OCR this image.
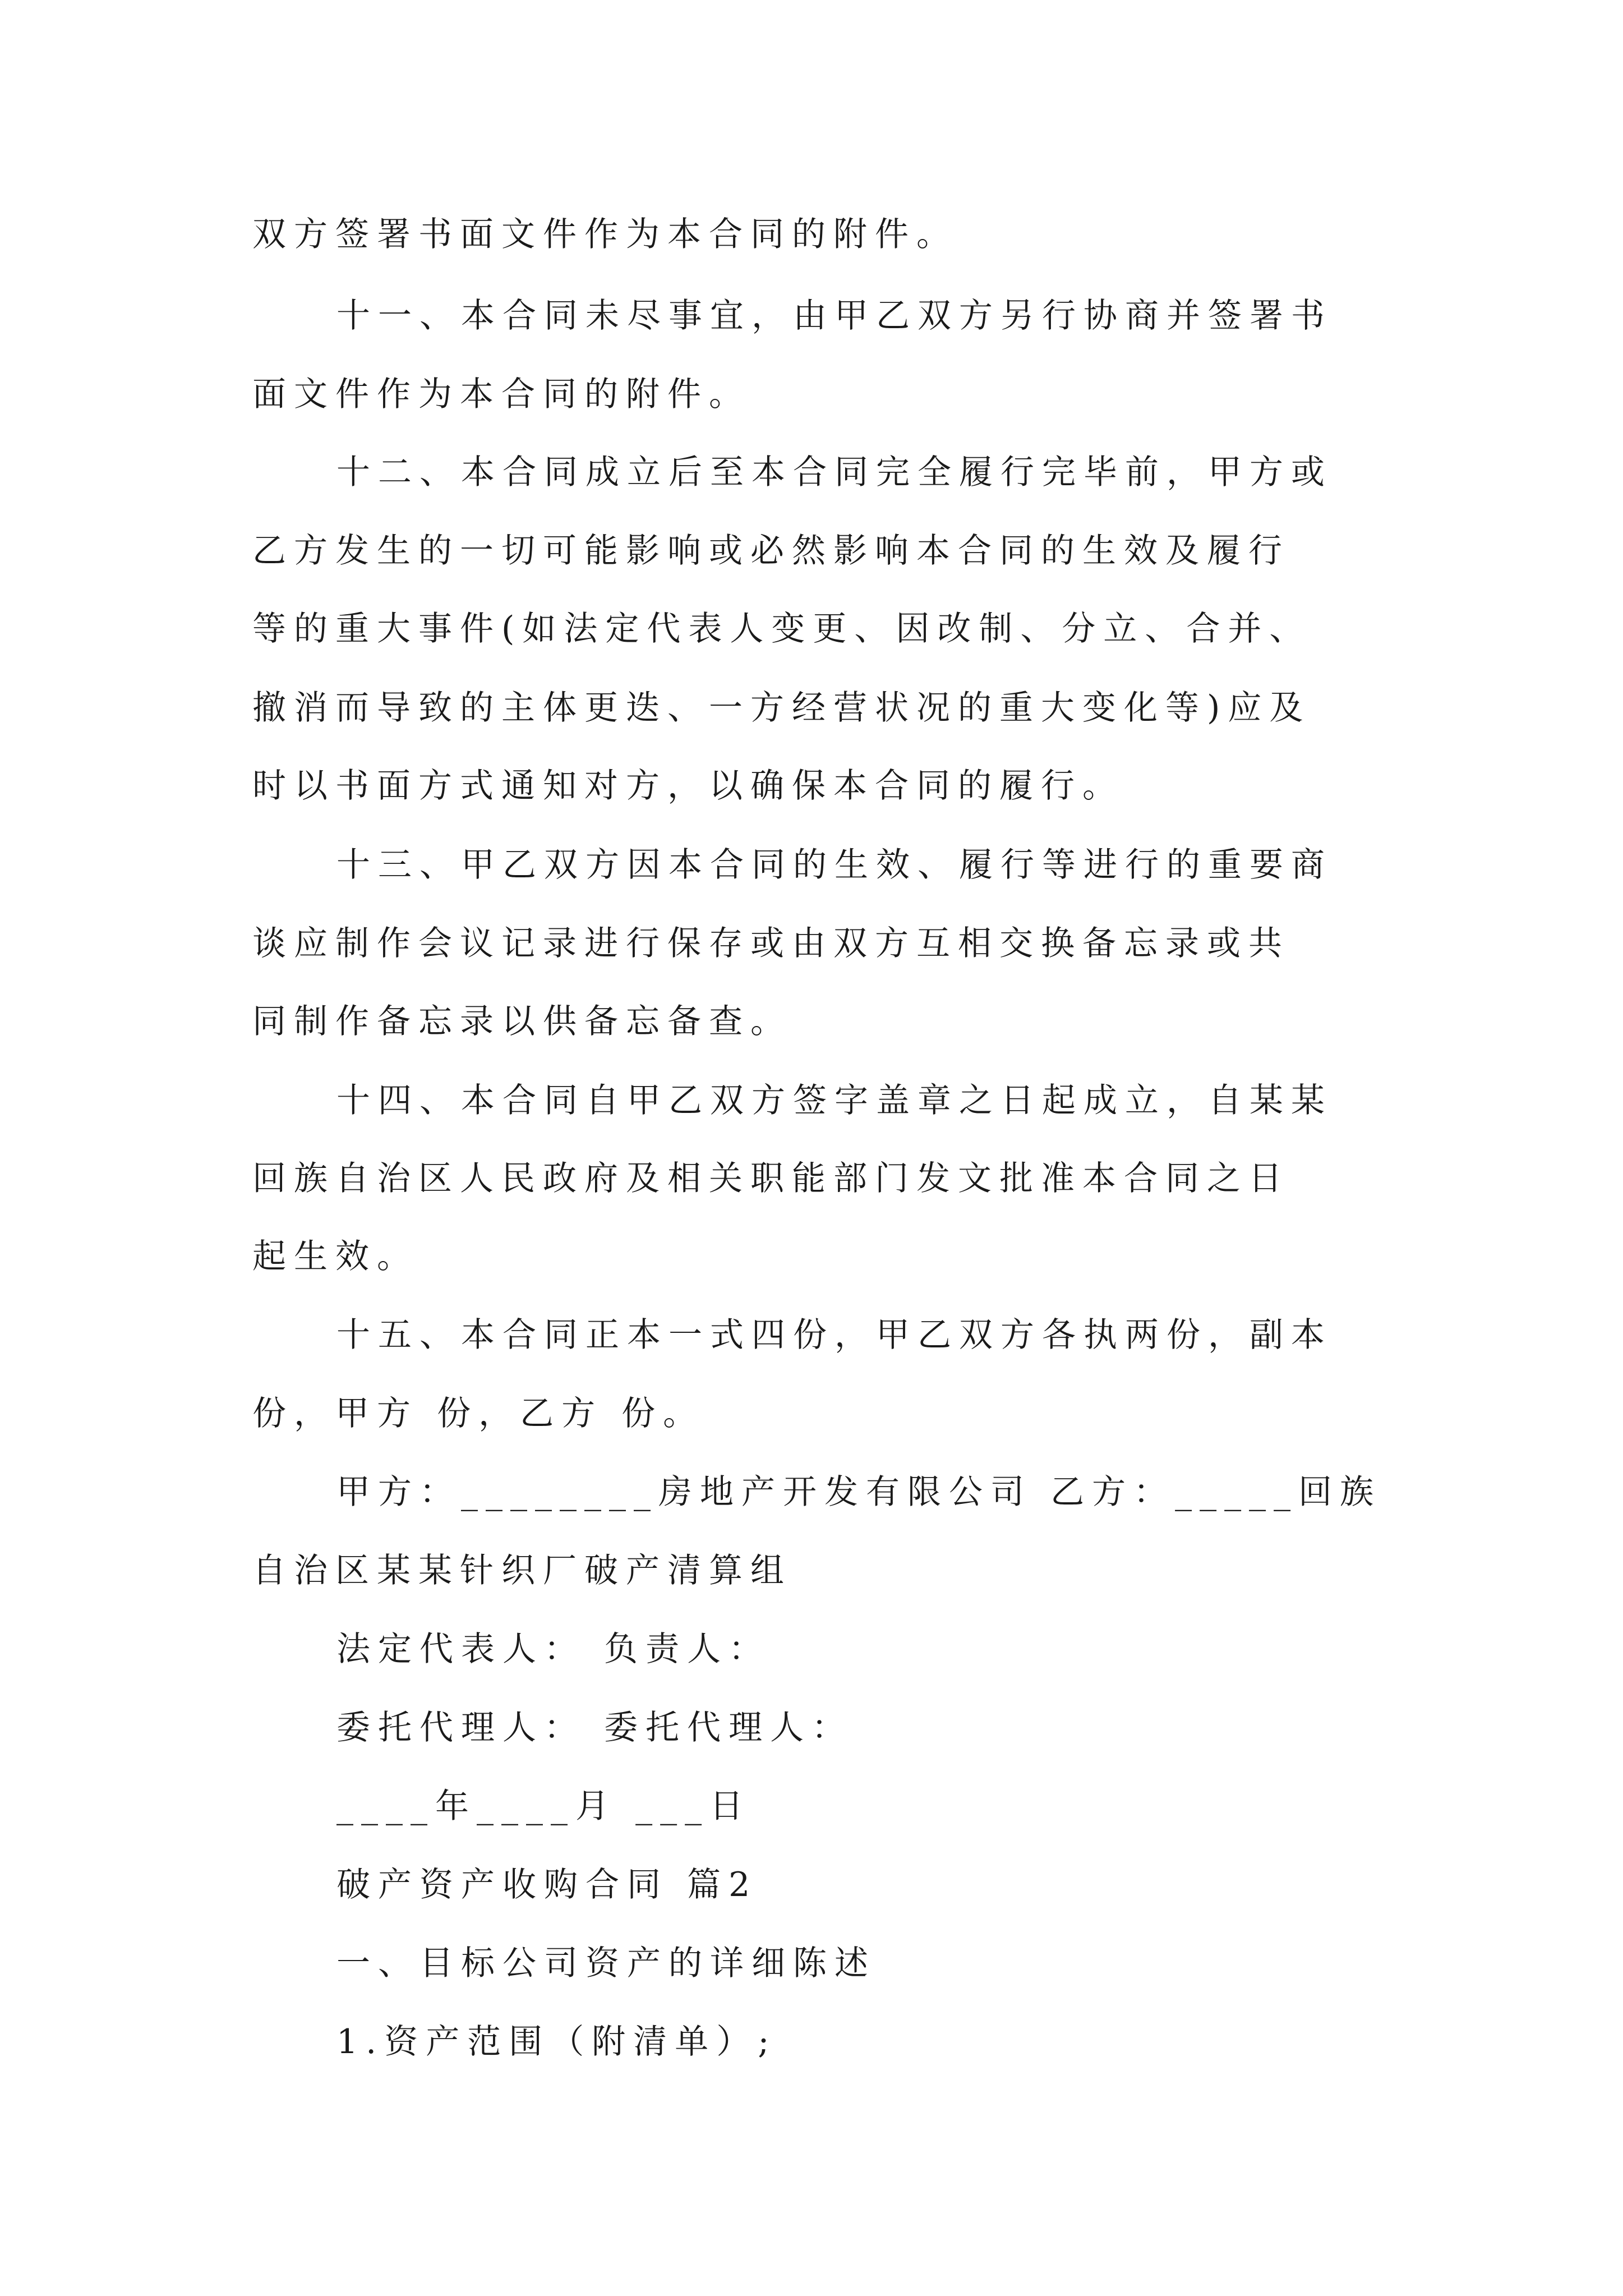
双方签署书面文件作为本合同的附件。
十一、本合同未尽事宜，由甲乙双方另行协商并签署书
面文件作为本合同的附件。
十二、本合同成立后至本合同完全履行完毕前，甲方或
乙方发生的一切可能影响或必然影响本合同的生效及履行
等的重大事件(如法定代表人变更、因改制、分立、合并、
撤消而导致的主体更迭、一方经营状况的重大变化等)应及
时以书面方式通知对方，以确保本合同的履行。
十三、甲乙双方因本合同的生效、履行等进行的重要商
谈应制作会议记录进行保存或由双方互相交换备忘录或共
同制作备忘录以供备忘备查。
十四、本合同自甲乙双方签字盖章之日起成立，自某某
回族自治区人民政府及相关职能部门发文批准本合同之日
起生效。
十五、本合同正本一式四份，甲乙双方各执两份，副本
份，甲方 份，乙方 份。
甲方：________房地产开发有限公司 乙方：_____回族
自治区某某针织厂破产清算组
法定代表人： 负责人：
委托代理人： 委托代理人：
____年____月 ___日
破产资产收购合同 篇2
一、目标公司资产的详细陈述
1.资产范围（附清单）;
